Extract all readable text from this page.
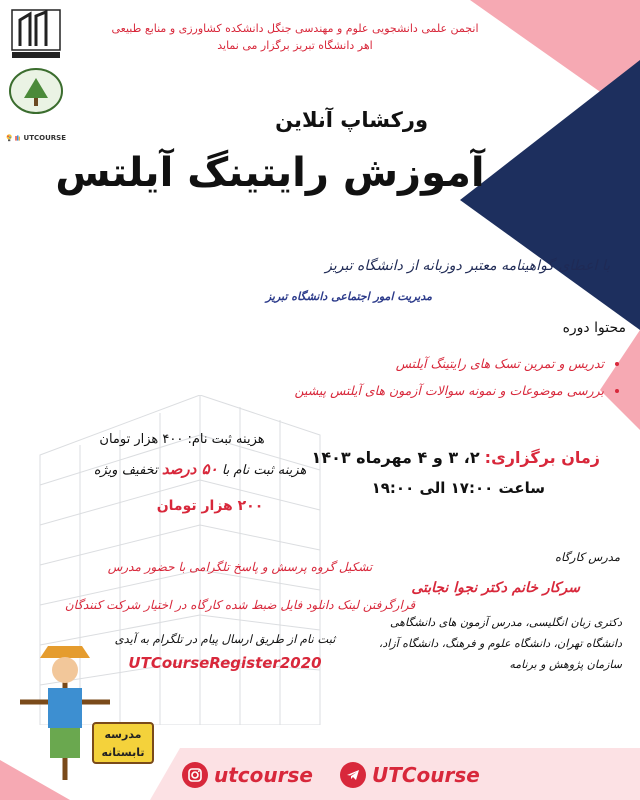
UTCOURSE
انجمن علمی دانشجویی علوم و مهندسی جنگل دانشکده کشاورزی و منابع طبیعی
اهر دانشگاه تبریز برگزار می نماید
ورکشاپ آنلاین
آموزش رایتینگ آیلتس
با اعطای گواهینامه معتبر دوزبانه از دانشگاه تبریز
مدیریت امور اجتماعی دانشگاه تبریز
محتوا دوره
• تدریس و تمرین تسک های رایتینگ آیلتس
• بررسی موضوعات و نمونه سوالات آزمون های آیلتس پیشین
زمان برگزاری: ۲، ۳ و ۴ مهرماه ۱۴۰۳
ساعت ۱۷:۰۰ الی ۱۹:۰۰
هزینه ثبت نام: ۴۰۰ هزار تومان
هزینه ثبت نام با ۵۰ درصد تخفیف ویژه
۲۰۰ هزار تومان
تشکیل گروه پرسش و پاسخ تلگرامی با حضور مدرس
قرارگرفتن لینک دانلود فایل ضبط شده کارگاه در اختیار شرکت کنندگان
ثبت نام از طریق ارسال پیام در تلگرام به آیدی
UTCourseRegister2020
مدرس کارگاه
سرکار خانم دکتر نجوا نجابتی
دکتری زبان انگلیسی، مدرس آزمون های دانشگاهی دانشگاه تهران، دانشگاه علوم و فرهنگ، دانشگاه آزاد، سازمان پژوهش و برنامه
مدرسه
تابستانه
utcourse	UTCourse
